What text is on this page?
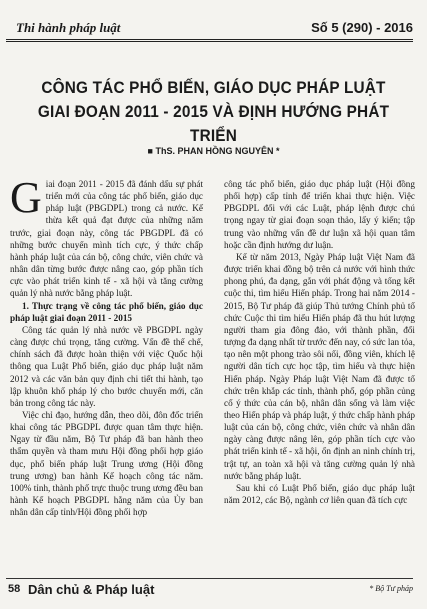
Thi hành pháp luật	Số 5 (290) - 2016
CÔNG TÁC PHỔ BIẾN, GIÁO DỤC PHÁP LUẬT
GIAI ĐOẠN 2011 - 2015 VÀ ĐỊNH HƯỚNG PHÁT TRIỂN
■ ThS. PHAN HỒNG NGUYÊN *

Giai đoạn 2011 - 2015 đã đánh dấu sự phát triển mới của công tác phổ biến, giáo dục pháp luật (PBGDPL) trong cả nước. Kế thừa kết quả đạt được của những năm trước, giai đoạn này, công tác PBGDPL đã có những bước chuyển mình tích cực, ý thức chấp hành pháp luật của cán bộ, công chức, viên chức và nhân dân từng bước được nâng cao, góp phần tích cực vào phát triển kinh tế - xã hội và tăng cường quản lý nhà nước bằng pháp luật.

1. Thực trạng về công tác phổ biến, giáo dục pháp luật giai đoạn 2011 - 2015

Công tác quản lý nhà nước về PBGDPL ngày càng được chú trọng, tăng cường. Vấn đề thể chế, chính sách đã được hoàn thiện với việc Quốc hội thông qua Luật Phổ biến, giáo dục pháp luật năm 2012 và các văn bản quy định chi tiết thi hành, tạo lập khuôn khổ pháp lý cho bước chuyển mới, căn bản trong công tác này.

Việc chỉ đạo, hướng dẫn, theo dõi, đôn đốc triển khai công tác PBGDPL được quan tâm thực hiện. Ngay từ đầu năm, Bộ Tư pháp đã ban hành theo thẩm quyền và tham mưu Hội đồng phối hợp giáo dục, phổ biến pháp luật Trung ương (Hội đồng trung ương) ban hành Kế hoạch công tác năm. 100% tỉnh, thành phố trực thuộc trung ương đều ban hành Kế hoạch PBGDPL hằng năm của Ủy ban nhân dân cấp tỉnh/Hội đồng phối hợp

công tác phổ biến, giáo dục pháp luật (Hội đồng phối hợp) cấp tỉnh để triển khai thực hiện. Việc PBGDPL đối với các Luật, pháp lệnh được chú trọng ngay từ giai đoạn soạn thảo, lấy ý kiến; tập trung vào những vấn đề dư luận xã hội quan tâm hoặc cần định hướng dư luận.

Kể từ năm 2013, Ngày Pháp luật Việt Nam đã được triển khai đồng bộ trên cả nước với hình thức phong phú, đa dạng, gắn với phát động và tổng kết cuộc thi, tìm hiểu Hiến pháp. Trong hai năm 2014 - 2015, Bộ Tư pháp đã giúp Thủ tướng Chính phủ tổ chức Cuộc thi tìm hiểu Hiến pháp đã thu hút lượng người tham gia đông đảo, với thành phần, đối tượng đa dạng nhất từ trước đến nay, có sức lan tỏa, tạo nên một phong trào sôi nổi, đồng viên, khích lệ người dân tích cực học tập, tìm hiểu và thực hiện Hiến pháp. Ngày Pháp luật Việt Nam đã được tổ chức trên khắp các tỉnh, thành phố, góp phần củng cố ý thức của cán bộ, nhân dân sống và làm việc theo Hiến pháp và pháp luật, ý thức chấp hành pháp luật của cán bộ, công chức, viên chức và nhân dân ngày càng được nâng lên, góp phần tích cực vào phát triển kinh tế - xã hội, ổn định an ninh chính trị, trật tự, an toàn xã hội và tăng cường quản lý nhà nước bằng pháp luật.

Sau khi có Luật Phổ biến, giáo dục pháp luật năm 2012, các Bộ, ngành cơ liên quan đã tích cực

58 Dân chủ & Pháp luật	* Bộ Tư pháp
